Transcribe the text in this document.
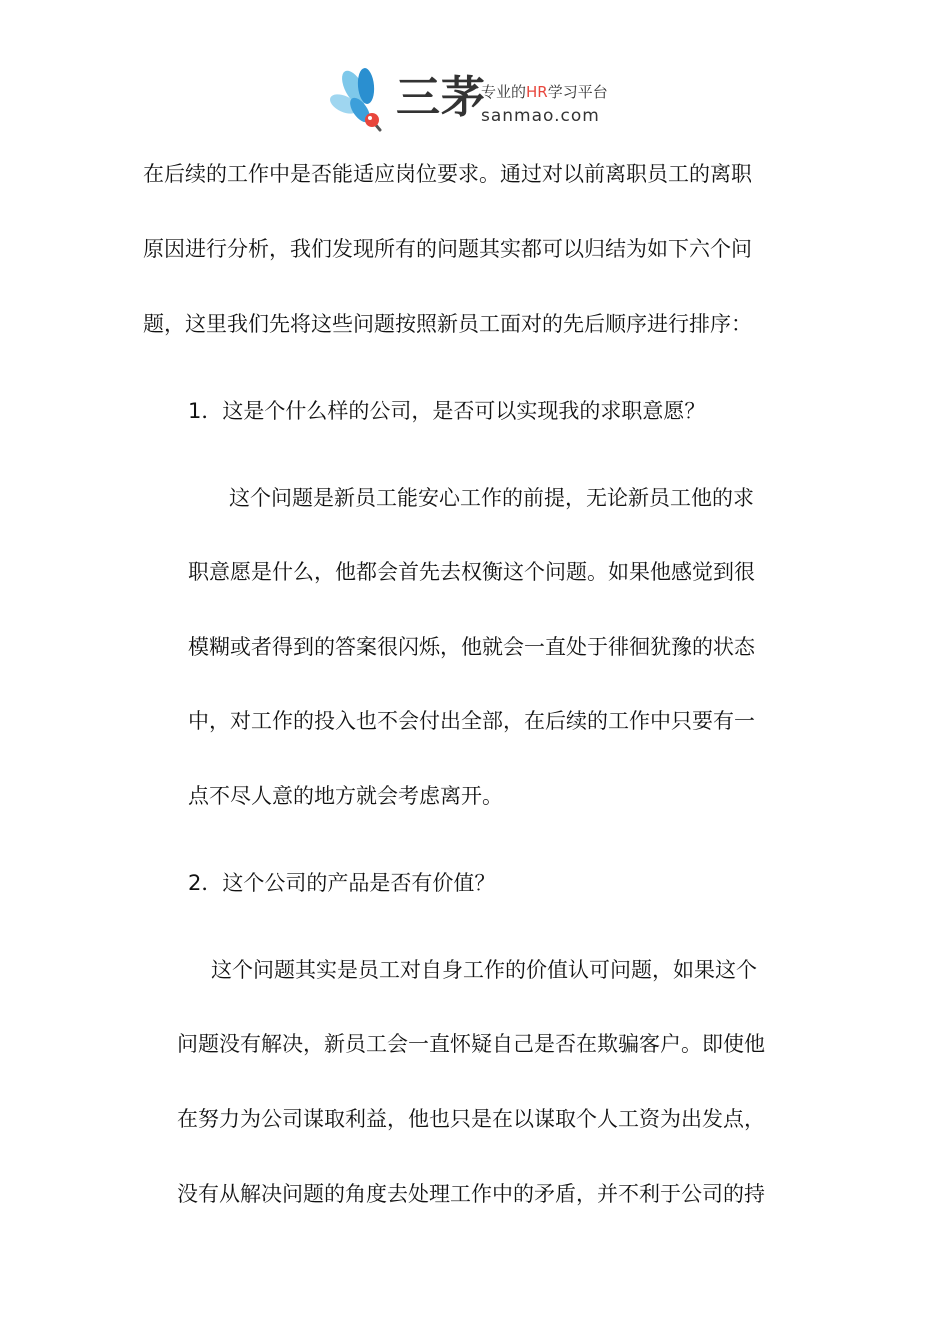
三茅
专业的HR学习平台
sanmao.com
在后续的工作中是否能适应岗位要求。通过对以前离职员工的离职
原因进行分析，我们发现所有的问题其实都可以归结为如下六个问
题，这里我们先将这些问题按照新员工面对的先后顺序进行排序：
1．这是个什么样的公司，是否可以实现我的求职意愿？
这个问题是新员工能安心工作的前提，无论新员工他的求
职意愿是什么，他都会首先去权衡这个问题。如果他感觉到很
模糊或者得到的答案很闪烁，他就会一直处于徘徊犹豫的状态
中，对工作的投入也不会付出全部，在后续的工作中只要有一
点不尽人意的地方就会考虑离开。
2．这个公司的产品是否有价值？
这个问题其实是员工对自身工作的价值认可问题，如果这个
问题没有解决，新员工会一直怀疑自己是否在欺骗客户。即使他
在努力为公司谋取利益，他也只是在以谋取个人工资为出发点，
没有从解决问题的角度去处理工作中的矛盾，并不利于公司的持
